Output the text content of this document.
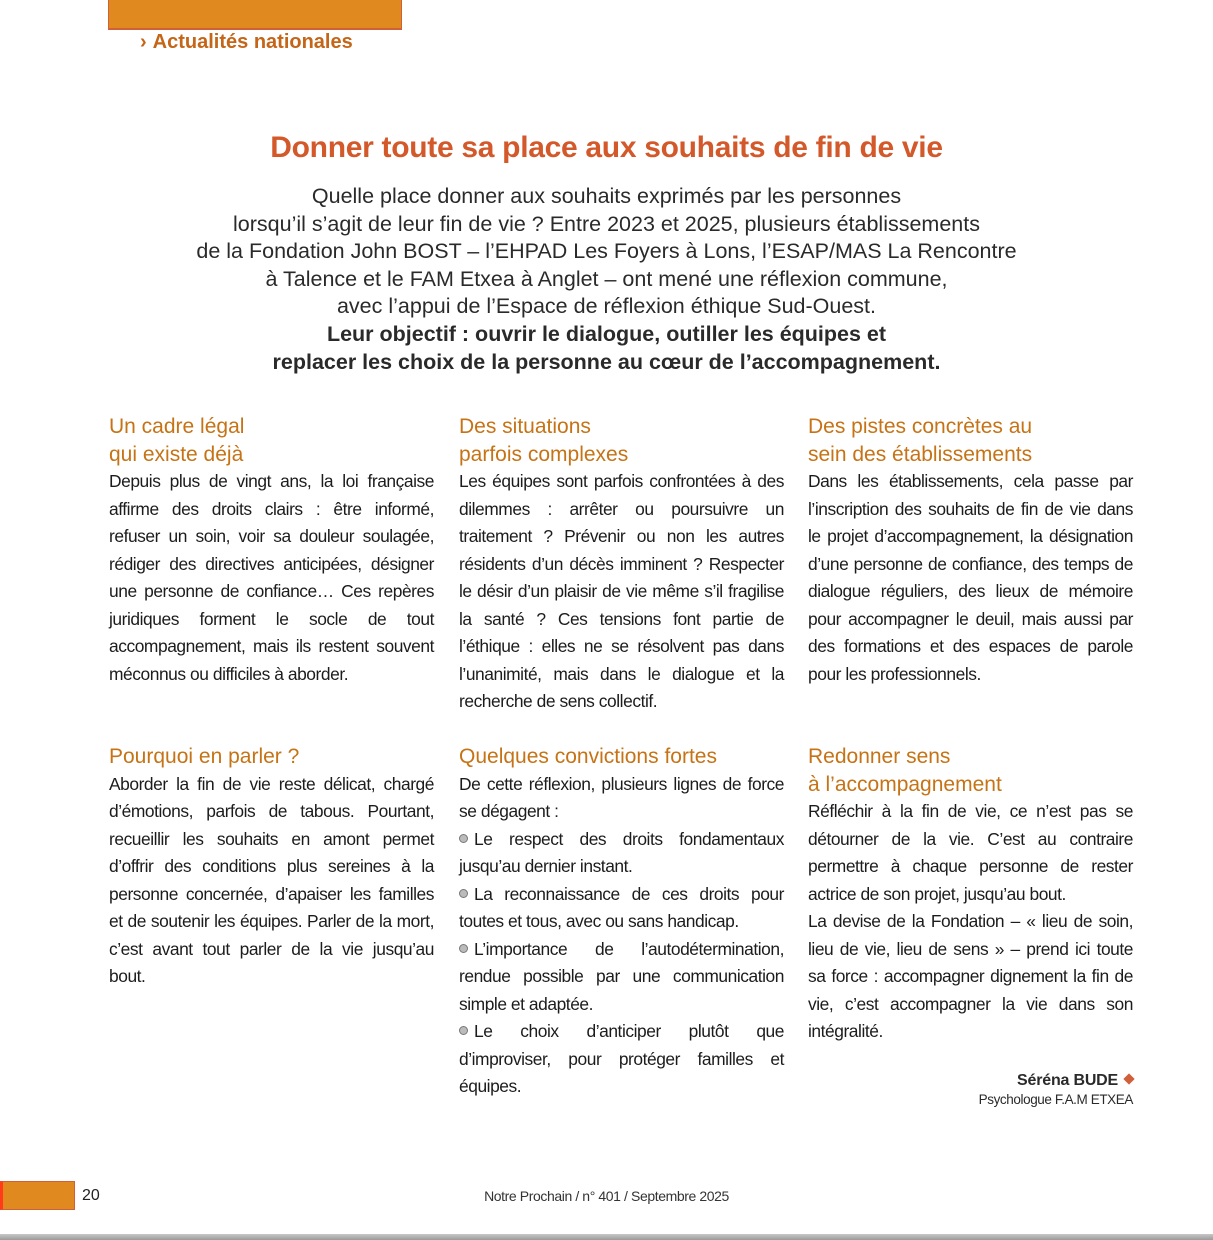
› Actualités nationales
Donner toute sa place aux souhaits de fin de vie
Quelle place donner aux souhaits exprimés par les personnes
lorsqu’il s’agit de leur fin de vie ? Entre 2023 et 2025, plusieurs établissements
de la Fondation John BOST – l’EHPAD Les Foyers à Lons, l’ESAP/MAS La Rencontre
à Talence et le FAM Etxea à Anglet – ont mené une réflexion commune,
avec l’appui de l’Espace de réflexion éthique Sud-Ouest.
Leur objectif : ouvrir le dialogue, outiller les équipes et
replacer les choix de la personne au cœur de l’accompagnement.
Un cadre légal
qui existe déjà

Depuis plus de vingt ans, la loi française affirme des droits clairs : être informé, refuser un soin, voir sa douleur soulagée, rédiger des directives anticipées, désigner une personne de confiance… Ces repères juridiques forment le socle de tout accompagnement, mais ils restent souvent méconnus ou difficiles à aborder.

Pourquoi en parler ?

Aborder la fin de vie reste délicat, chargé d’émotions, parfois de tabous. Pourtant, recueillir les souhaits en amont permet d’offrir des conditions plus sereines à la personne concernée, d’apaiser les familles et de soutenir les équipes. Parler de la mort, c’est avant tout parler de la vie jusqu’au bout.

Des situations
parfois complexes

Les équipes sont parfois confrontées à des dilemmes : arrêter ou poursuivre un traitement ? Prévenir ou non les autres résidents d’un décès imminent ? Respecter le désir d’un plaisir de vie même s’il fragilise la santé ? Ces tensions font partie de l’éthique : elles ne se résolvent pas dans l’unanimité, mais dans le dialogue et la recherche de sens collectif.

Quelques convictions fortes

De cette réflexion, plusieurs lignes de force se dégagent :

Le respect des droits fondamentaux jusqu’au dernier instant.

La reconnaissance de ces droits pour toutes et tous, avec ou sans handicap.

L’importance de l’autodétermination, rendue possible par une communication simple et adaptée.

Le choix d’anticiper plutôt que d’improviser, pour protéger familles et équipes.

Des pistes concrètes au
sein des établissements

Dans les établissements, cela passe par l’inscription des souhaits de fin de vie dans le projet d’accompagnement, la désignation d’une personne de confiance, des temps de dialogue réguliers, des lieux de mémoire pour accompagner le deuil, mais aussi par des formations et des espaces de parole pour les professionnels.

Redonner sens
à l’accompagnement

Réfléchir à la fin de vie, ce n’est pas se détourner de la vie. C’est au contraire permettre à chaque personne de rester actrice de son projet, jusqu’au bout.

La devise de la Fondation – « lieu de soin, lieu de vie, lieu de sens » – prend ici toute sa force : accompagner dignement la fin de vie, c’est accompagner la vie dans son intégralité.

Séréna BUDE
Psychologue F.A.M ETXEA
20	Notre Prochain / n° 401 / Septembre 2025
